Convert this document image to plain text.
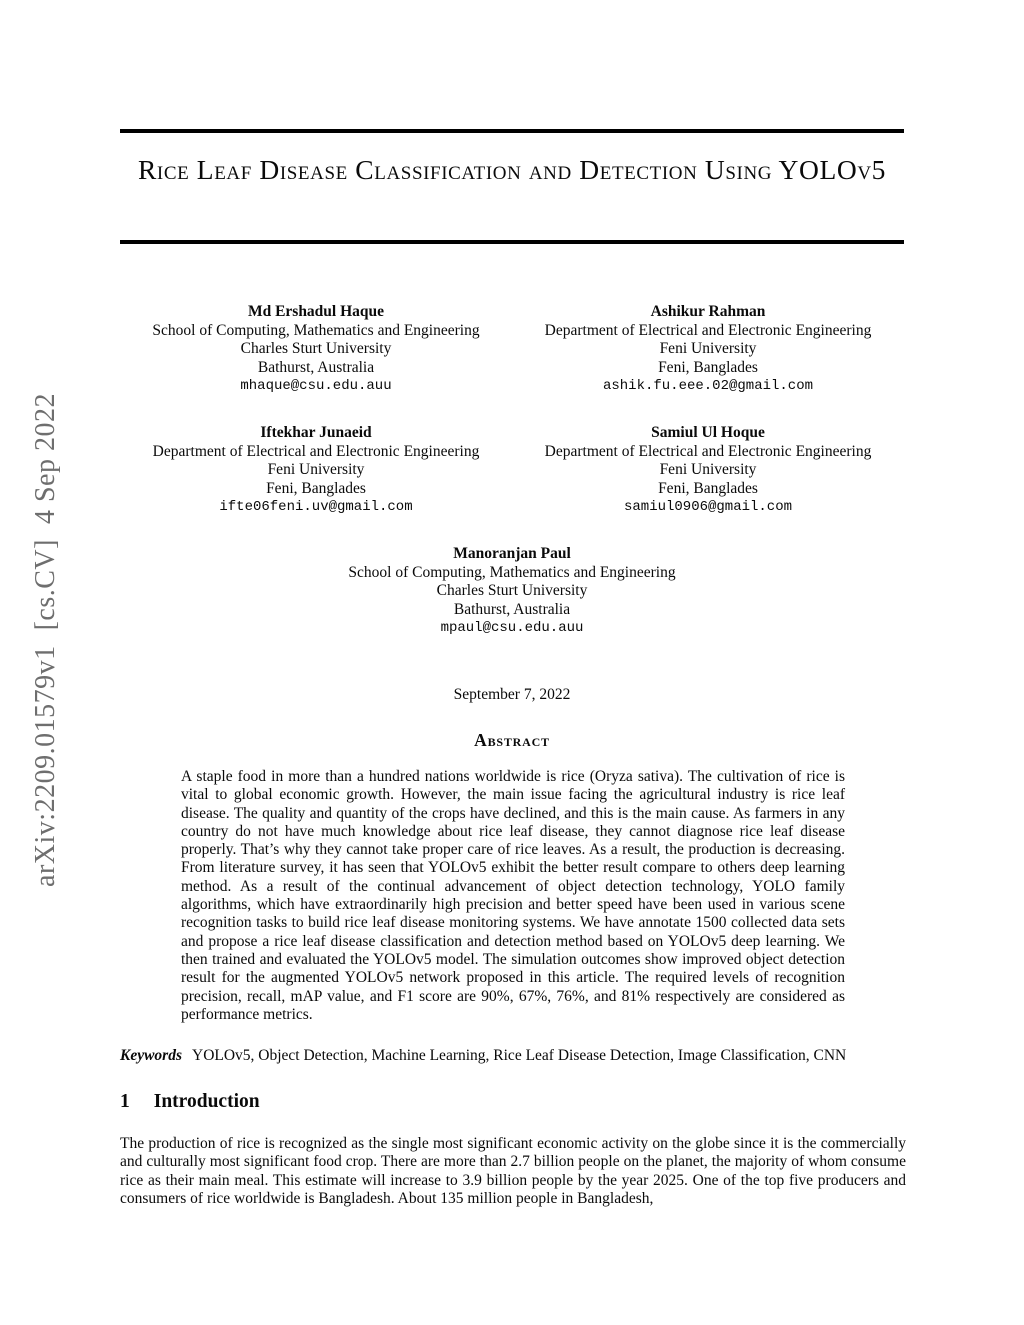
arXiv:2209.01579v1  [cs.CV]  4 Sep 2022
Rice Leaf Disease Classification and Detection Using YOLOv5
Md Ershadul Haque
School of Computing, Mathematics and Engineering
Charles Sturt University
Bathurst, Australia
mhaque@csu.edu.auu
Ashikur Rahman
Department of Electrical and Electronic Engineering
Feni University
Feni, Banglades
ashik.fu.eee.02@gmail.com
Iftekhar Junaeid
Department of Electrical and Electronic Engineering
Feni University
Feni, Banglades
ifte06feni.uv@gmail.com
Samiul Ul Hoque
Department of Electrical and Electronic Engineering
Feni University
Feni, Banglades
samiul0906@gmail.com
Manoranjan Paul
School of Computing, Mathematics and Engineering
Charles Sturt University
Bathurst, Australia
mpaul@csu.edu.auu
September 7, 2022
Abstract

A staple food in more than a hundred nations worldwide is rice (Oryza sativa). The cultivation of rice is vital to global economic growth. However, the main issue facing the agricultural industry is rice leaf disease. The quality and quantity of the crops have declined, and this is the main cause. As farmers in any country do not have much knowledge about rice leaf disease, they cannot diagnose rice leaf disease properly. That’s why they cannot take proper care of rice leaves. As a result, the production is decreasing. From literature survey, it has seen that YOLOv5 exhibit the better result compare to others deep learning method. As a result of the continual advancement of object detection technology, YOLO family algorithms, which have extraordinarily high precision and better speed have been used in various scene recognition tasks to build rice leaf disease monitoring systems. We have annotate 1500 collected data sets and propose a rice leaf disease classification and detection method based on YOLOv5 deep learning. We then trained and evaluated the YOLOv5 model. The simulation outcomes show improved object detection result for the augmented YOLOv5 network proposed in this article. The required levels of recognition precision, recall, mAP value, and F1 score are 90%, 67%, 76%, and 81% respectively are considered as performance metrics.

Keywords YOLOv5, Object Detection, Machine Learning, Rice Leaf Disease Detection, Image Classification, CNN
1 Introduction

The production of rice is recognized as the single most significant economic activity on the globe since it is the commercially and culturally most significant food crop. There are more than 2.7 billion people on the planet, the majority of whom consume rice as their main meal. This estimate will increase to 3.9 billion people by the year 2025. One of the top five producers and consumers of rice worldwide is Bangladesh. About 135 million people in Bangladesh,
